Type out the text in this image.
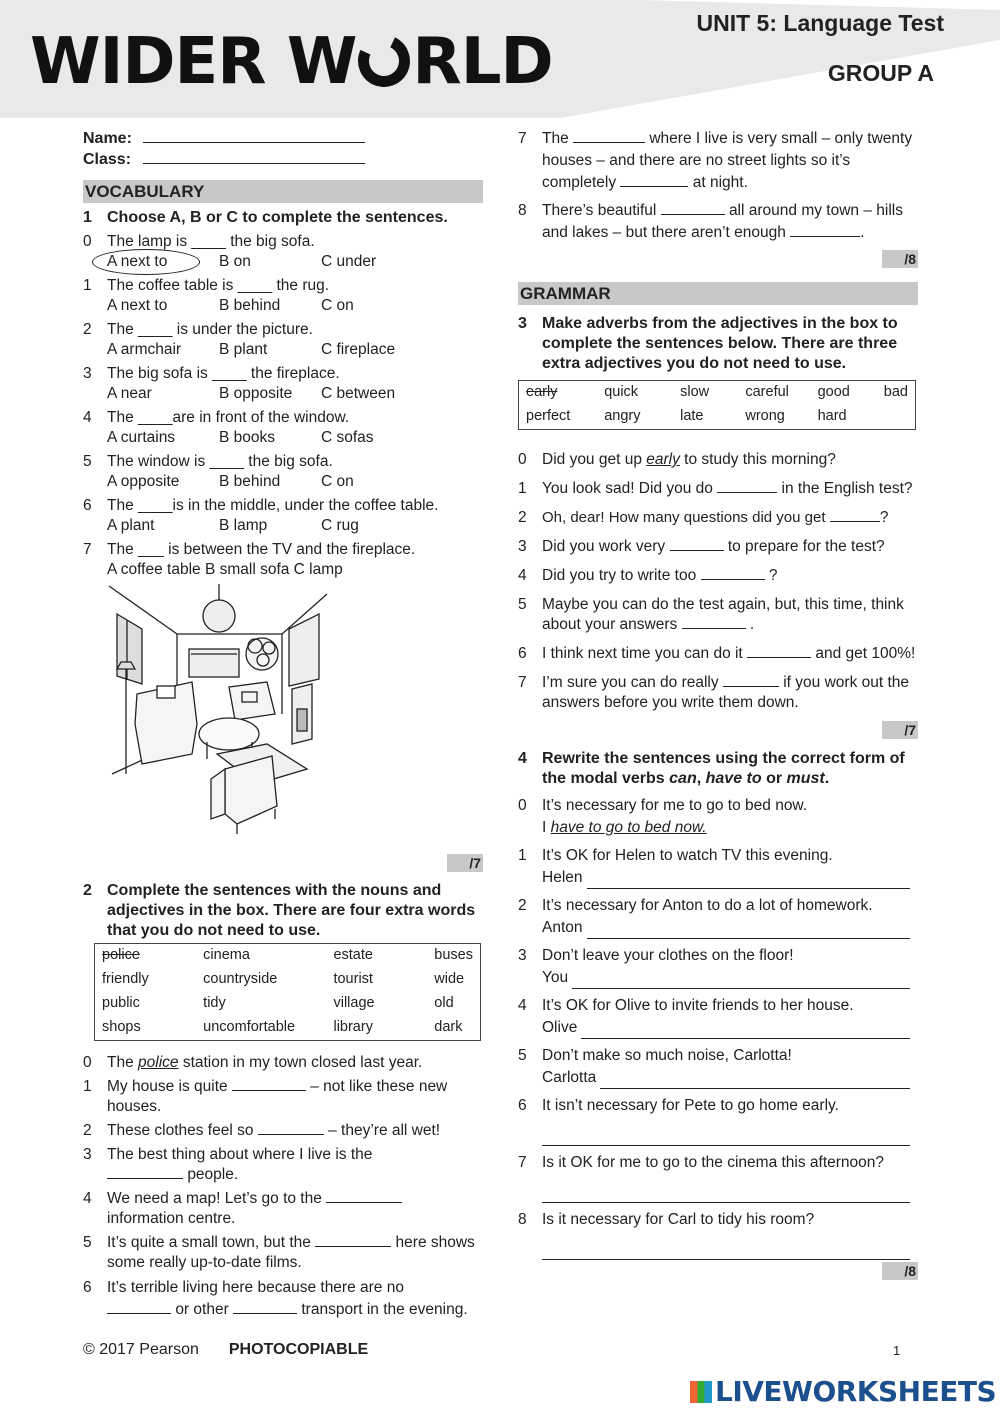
WIDER W RLD
UNIT 5: Language Test
GROUP A
Name:
Class:
VOCABULARY
1 Choose A, B or C to complete the sentences.
0 The lamp is ____ the big sofa.
A next to	B on	C under
1 The coffee table is ____ the rug.
A next to	B behind	C on
2 The ____ is under the picture.
A armchair	B plant	C fireplace
3 The big sofa is ____ the fireplace.
A near	B opposite	C between
4 The ____are in front of the window.
A curtains	B books	C sofas
5 The window is ____ the big sofa.
A opposite	B behind	C on
6 The ____is in the middle, under the coffee table.
A plant	B lamp	C rug
7 The ___ is between the TV and the fireplace.
A coffee table B small sofa C lamp
/7
2 Complete the sentences with the nouns and adjectives in the box. There are four extra words that you do not need to use.
police	cinema	estate	buses
friendly	countryside	tourist	wide
public	tidy	village	old
shops	uncomfortable	library	dark
0 The police station in my town closed last year.
1 My house is quite	– not like these new houses.
2 These clothes feel so	– they’re all wet!
3 The best thing about where I live is the
people.
4 We need a map! Let’s go to the
information centre.
5 It’s quite a small town, but the	here shows some really up-to-date films.
6 It’s terrible living here because there are no
or other	transport in the evening.
7 The	where I live is very small – only twenty houses – and there are no street lights so it’s completely	at night.
8 There’s beautiful	all around my town – hills and lakes – but there aren’t enough	.
/8
GRAMMAR
3 Make adverbs from the adjectives in the box to complete the sentences below. There are three extra adjectives you do not need to use.
early	quick	slow	careful	good	bad
perfect	angry	late	wrong	hard	
0 Did you get up early to study this morning?
1 You look sad! Did you do	in the English test?
2 Oh, dear! How many questions did you get	?
3 Did you work very	to prepare for the test?
4 Did you try to write too	?
5 Maybe you can do the test again, but, this time, think about your answers	.
6 I think next time you can do it	and get 100%!
7 I’m sure you can do really	if you work out the answers before you write them down.
/7
4 Rewrite the sentences using the correct form of the modal verbs can, have to or must.
0 It’s necessary for me to go to bed now.
I have to go to bed now.
1 It’s OK for Helen to watch TV this evening.
Helen
2 It’s necessary for Anton to do a lot of homework.
Anton
3 Don’t leave your clothes on the floor!
You
4 It’s OK for Olive to invite friends to her house.
Olive
5 Don’t make so much noise, Carlotta!
Carlotta
6 It isn’t necessary for Pete to go home early.
7 Is it OK for me to go to the cinema this afternoon?
8 Is it necessary for Carl to tidy his room?
/8
© 2017 Pearson PHOTOCOPIABLE	1
LIVEWORKSHEETS
